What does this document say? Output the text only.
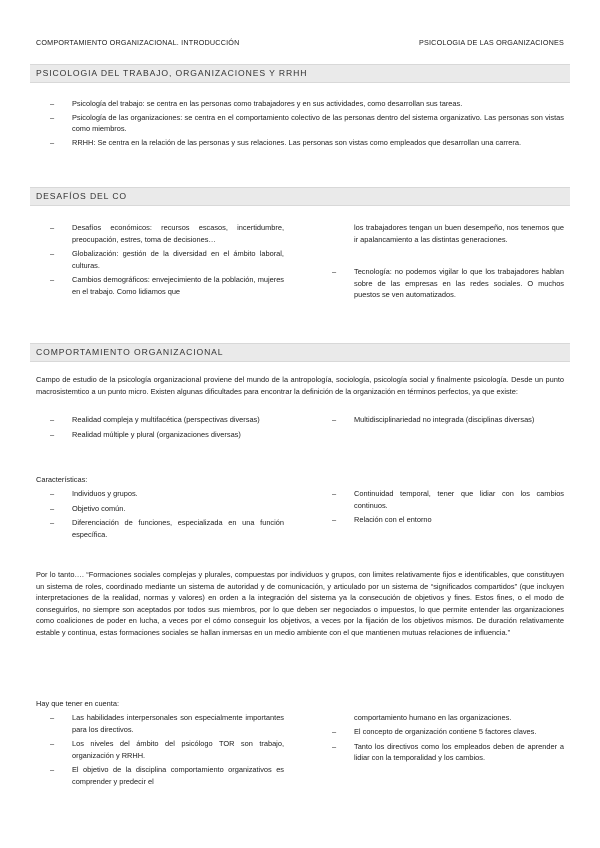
COMPORTAMIENTO ORGANIZACIONAL. INTRODUCCIÓN	PSICOLOGIA DE LAS ORGANIZACIONES
PSICOLOGIA DEL TRABAJO, ORGANIZACIONES Y RRHH
– Psicología del trabajo: se centra en las personas como trabajadores y en sus actividades, como desarrollan sus tareas.
– Psicología de las organizaciones: se centra en el comportamiento colectivo de las personas dentro del sistema organizativo. Las personas son vistas como miembros.
– RRHH: Se centra en la relación de las personas y sus relaciones. Las personas son vistas como empleados que desarrollan una carrera.
DESAFÍOS DEL CO
– Desafíos económicos: recursos escasos, incertidumbre, preocupación, estres, toma de decisiones…
– Globalización: gestión de la diversidad en el ámbito laboral, culturas.
– Cambios demográficos: envejecimiento de la población, mujeres en el trabajo. Como lidiamos que
los trabajadores tengan un buen desempeño, nos tenemos que ir apalancamiento a las distintas generaciones.
– Tecnología: no podemos vigilar lo que los trabajadores hablan sobre de las empresas en las redes sociales. O muchos puestos se ven automatizados.
COMPORTAMIENTO ORGANIZACIONAL
Campo de estudio de la psicología organizacional proviene del mundo de la antropología, sociología, psicología social y finalmente psicología. Desde un punto macrosistemtico a un punto micro. Existen algunas dificultades para encontrar la definición de la organización en términos perfectos, ya que existe:
– Realidad compleja y multifacética (perspectivas diversas)
– Realidad múltiple y plural (organizaciones diversas)
– Multidisciplinariedad no integrada (disciplinas diversas)
Características:
– Individuos y grupos.
– Objetivo común.
– Diferenciación de funciones, especializada en una función específica.
– Continuidad temporal, tener que lidiar con los cambios continuos.
– Relación con el entorno
Por lo tanto…. “Formaciones sociales complejas y plurales, compuestas por individuos y grupos, con limites relativamente fijos e identificables, que constituyen un sistema de roles, coordinado mediante un sistema de autoridad y de comunicación, y articulado por un sistema de “significados compartidos” (que incluyen interpretaciones de la realidad, normas y valores) en orden a la integración del sistema ya la consecución de objetivos y fines. Estos fines, o el modo de conseguirlos, no siempre son aceptados por todos sus miembros, por lo que deben ser negociados o impuestos, lo que permite entender las organizaciones como coaliciones de poder en lucha, a veces por el cómo conseguir los objetivos, a veces por la fijación de los objetivos mismos. De duración relativamente estable y continua, estas formaciones sociales se hallan inmersas en un medio ambiente con el que mantienen mutuas relaciones de influencia.”
Hay que tener en cuenta:
– Las habilidades interpersonales son especialmente importantes para los directivos.
– Los niveles del ámbito del psicólogo TOR son trabajo, organización y RRHH.
– El objetivo de la disciplina comportamiento organizativos es comprender y predecir el
comportamiento humano en las organizaciones.
– El concepto de organización contiene 5 factores claves.
– Tanto los directivos como los empleados deben de aprender a lidiar con la temporalidad y los cambios.
